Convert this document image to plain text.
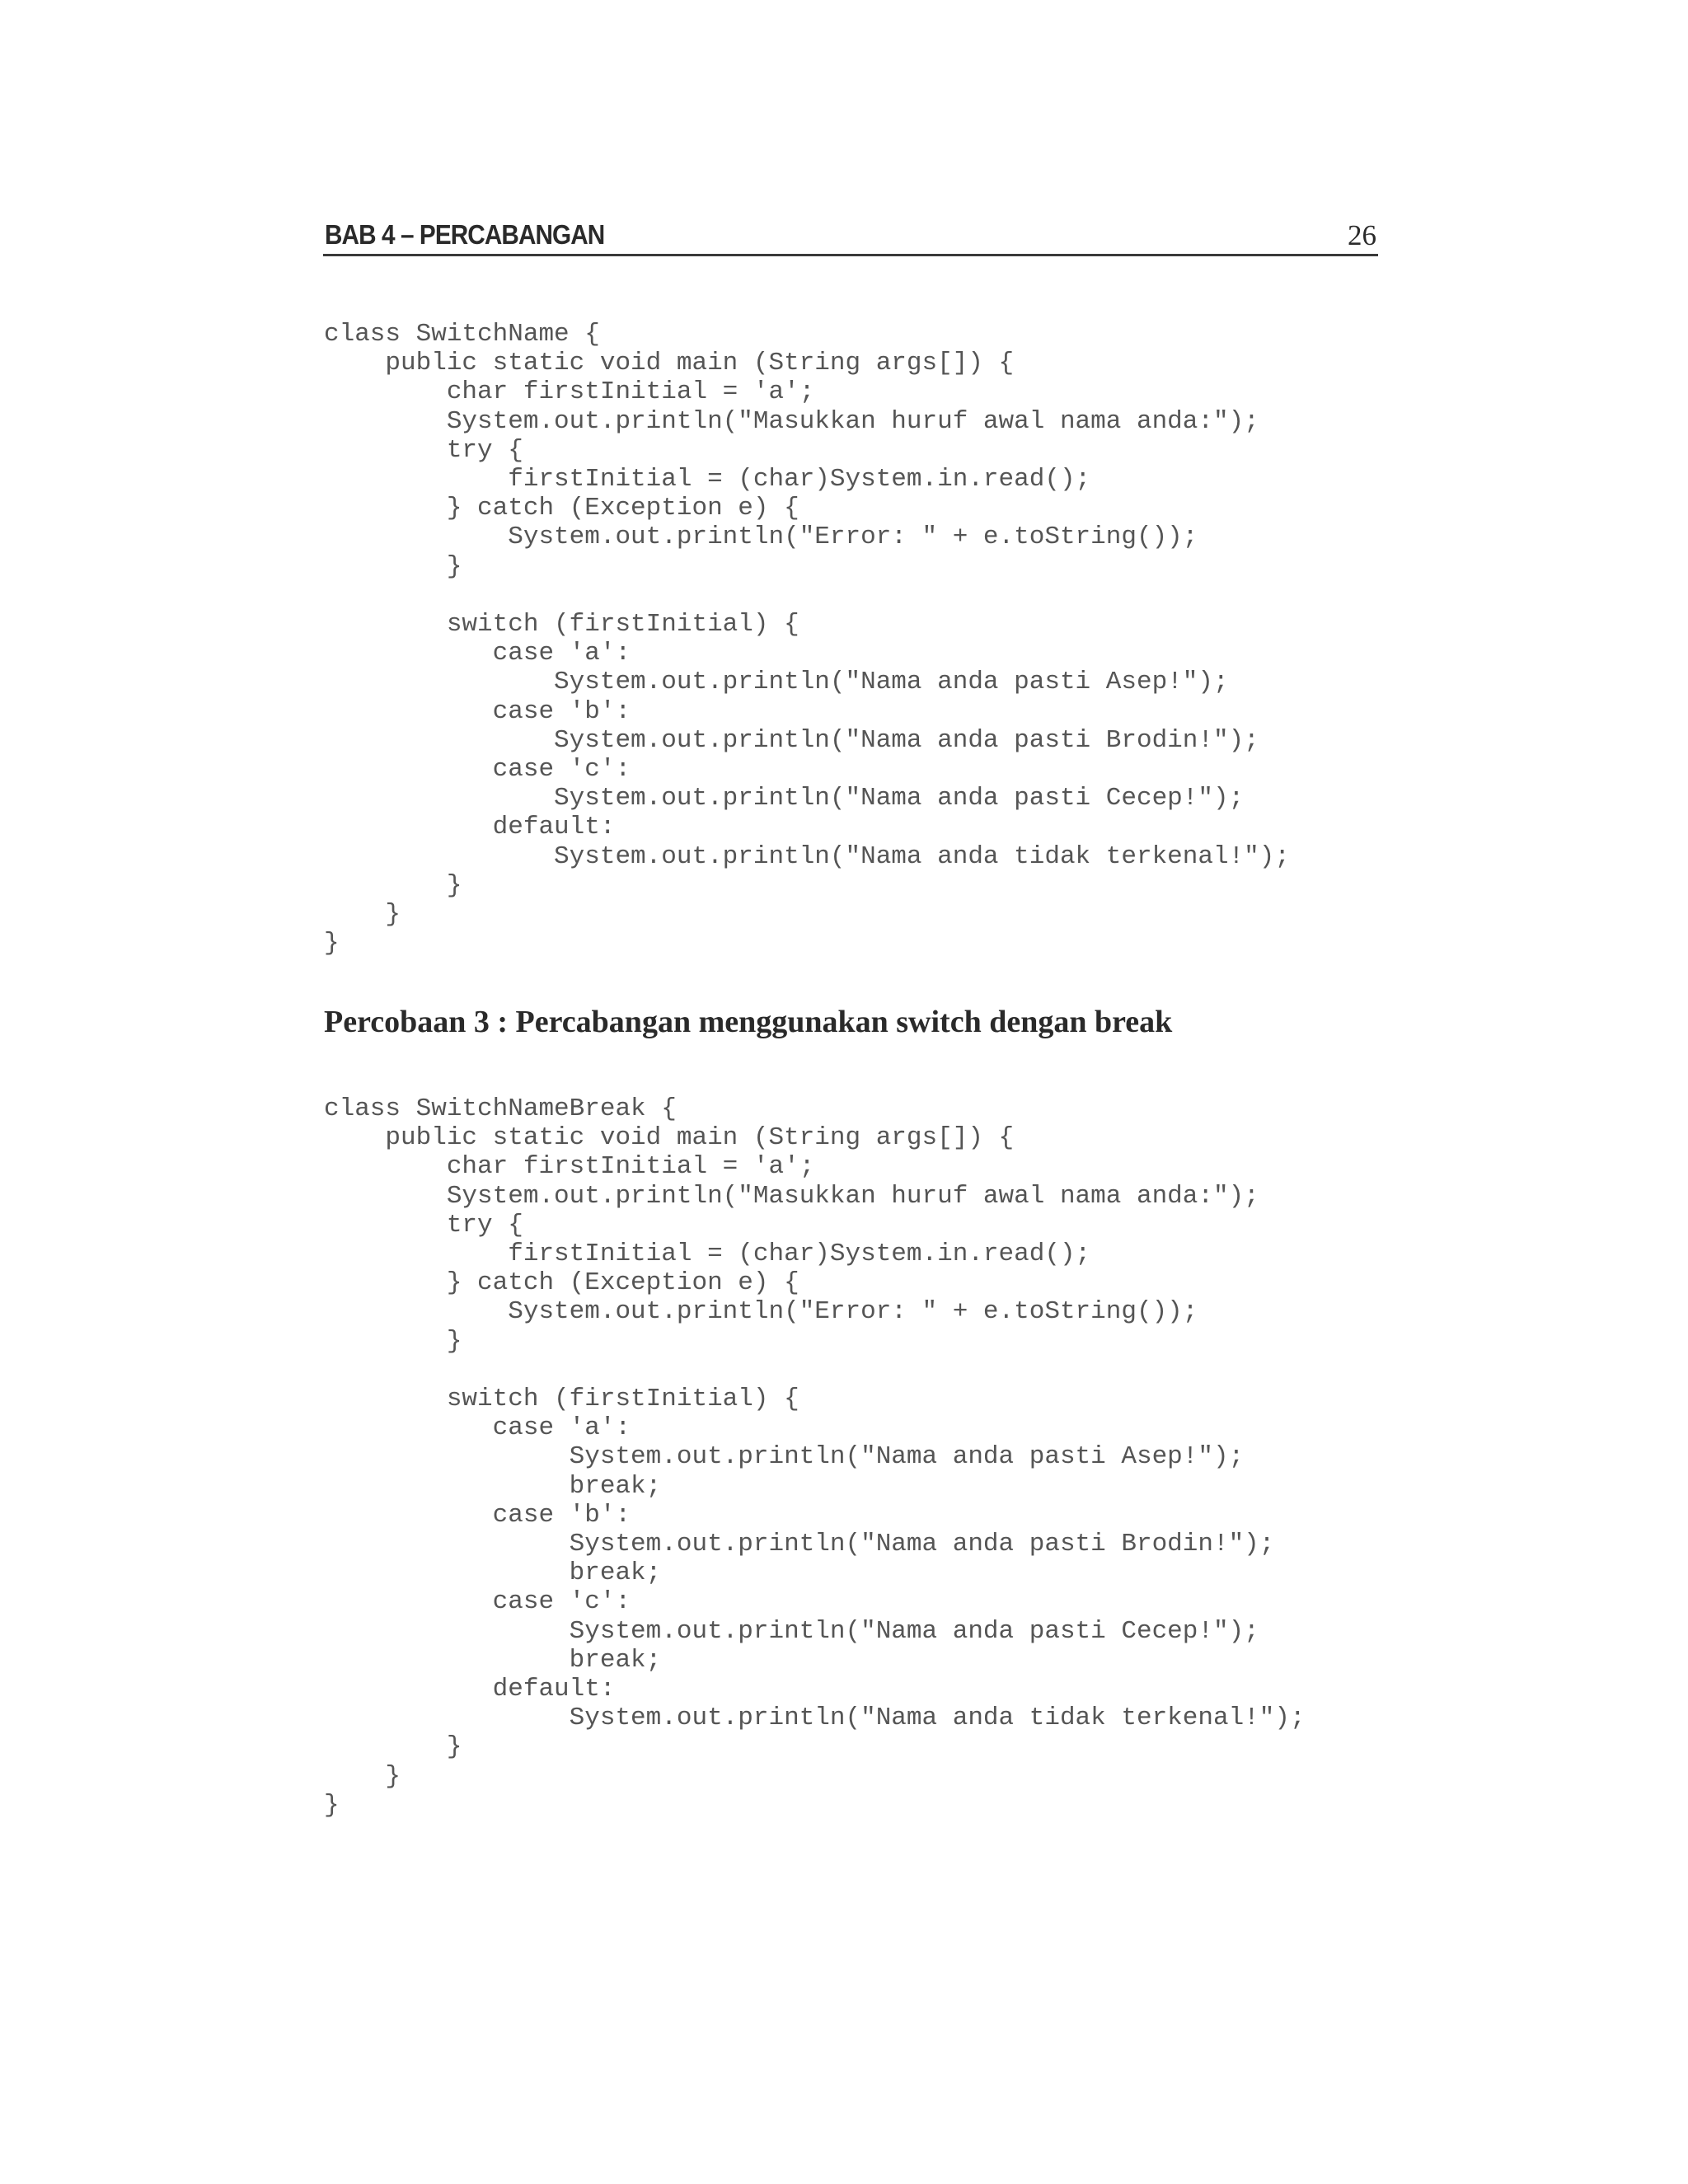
BAB 4 – PERCABANGAN	26
class SwitchName {
public static void main (String args[]) {
char firstInitial = 'a';
System.out.println("Masukkan huruf awal nama anda:");
try {
firstInitial = (char)System.in.read();
} catch (Exception e) {
System.out.println("Error: " + e.toString());
}

switch (firstInitial) {
case 'a':
System.out.println("Nama anda pasti Asep!");
case 'b':
System.out.println("Nama anda pasti Brodin!");
case 'c':
System.out.println("Nama anda pasti Cecep!");
default:
System.out.println("Nama anda tidak terkenal!");
}
}
}
Percobaan 3 : Percabangan menggunakan switch dengan break
class SwitchNameBreak {
public static void main (String args[]) {
char firstInitial = 'a';
System.out.println("Masukkan huruf awal nama anda:");
try {
firstInitial = (char)System.in.read();
} catch (Exception e) {
System.out.println("Error: " + e.toString());
}

switch (firstInitial) {
case 'a':
System.out.println("Nama anda pasti Asep!");
break;
case 'b':
System.out.println("Nama anda pasti Brodin!");
break;
case 'c':
System.out.println("Nama anda pasti Cecep!");
break;
default:
System.out.println("Nama anda tidak terkenal!");
}
}
}
